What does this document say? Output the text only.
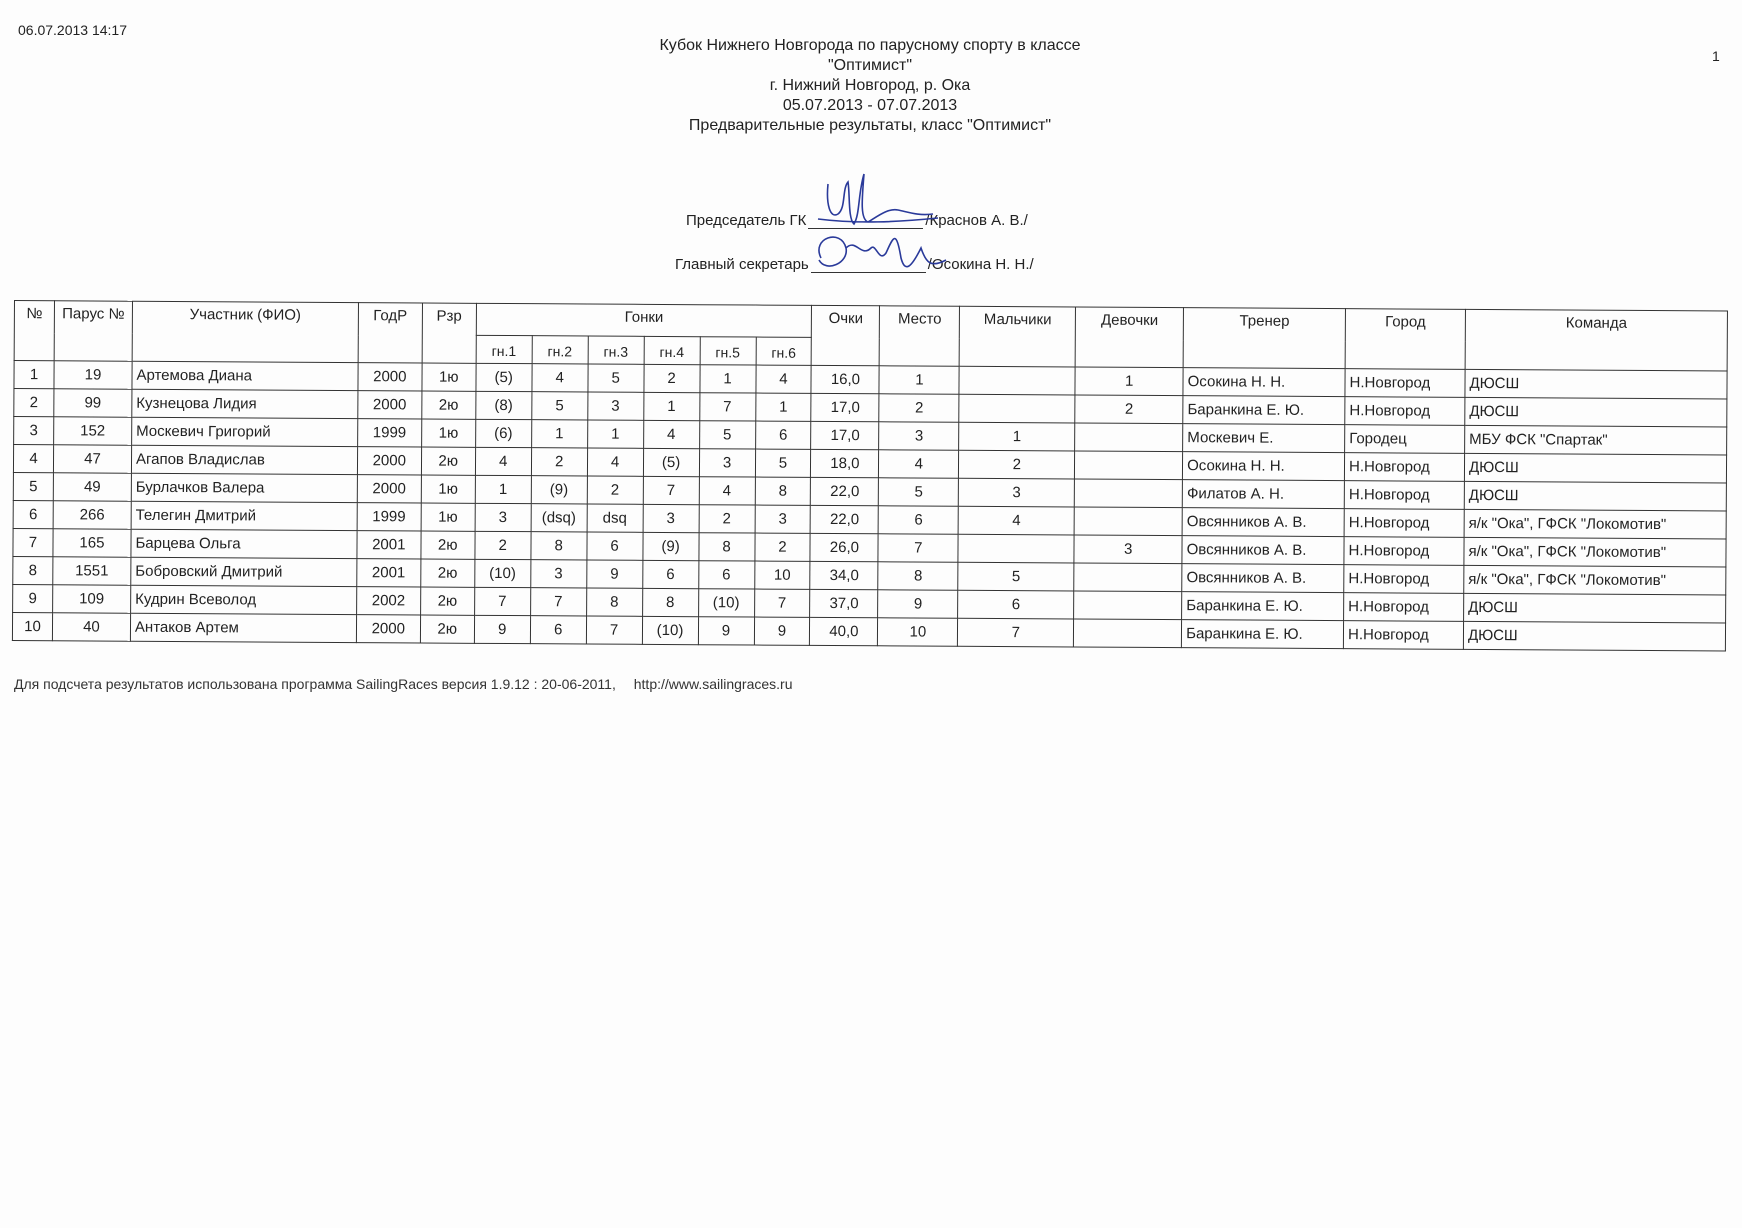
06.07.2013 14:17
1
Кубок Нижнего Новгорода по парусному спорту в классе
"Оптимист"
г. Нижний Новгород, р. Ока
05.07.2013 - 07.07.2013
Предварительные результаты, класс "Оптимист"
Председатель ГК	/Краснов А. В./
Главный секретарь	/Осокина Н. Н./
№	Парус №	Участник (ФИО)	ГодР	Рзр	Гонки						Очки	Место	Мальчики	Девочки	Тренер	Город	Команда
					гн.1	гн.2	гн.3	гн.4	гн.5	гн.6							
1	19	Артемова Диана	2000	1ю	(5)	4	5	2	1	4	16,0	1		1	Осокина Н. Н.	Н.Новгород	ДЮСШ
2	99	Кузнецова Лидия	2000	2ю	(8)	5	3	1	7	1	17,0	2		2	Баранкина Е. Ю.	Н.Новгород	ДЮСШ
3	152	Москевич Григорий	1999	1ю	(6)	1	1	4	5	6	17,0	3	1		Москевич Е.	Городец	МБУ ФСК "Спартак"
4	47	Агапов Владислав	2000	2ю	4	2	4	(5)	3	5	18,0	4	2		Осокина Н. Н.	Н.Новгород	ДЮСШ
5	49	Бурлачков Валера	2000	1ю	1	(9)	2	7	4	8	22,0	5	3		Филатов А. Н.	Н.Новгород	ДЮСШ
6	266	Телегин Дмитрий	1999	1ю	3	(dsq)	dsq	3	2	3	22,0	6	4		Овсянников А. В.	Н.Новгород	я/к "Ока", ГФСК "Локомотив"
7	165	Барцева Ольга	2001	2ю	2	8	6	(9)	8	2	26,0	7		3	Овсянников А. В.	Н.Новгород	я/к "Ока", ГФСК "Локомотив"
8	1551	Бобровский Дмитрий	2001	2ю	(10)	3	9	6	6	10	34,0	8	5		Овсянников А. В.	Н.Новгород	я/к "Ока", ГФСК "Локомотив"
9	109	Кудрин Всеволод	2002	2ю	7	7	8	8	(10)	7	37,0	9	6		Баранкина Е. Ю.	Н.Новгород	ДЮСШ
10	40	Антаков Артем	2000	2ю	9	6	7	(10)	9	9	40,0	10	7		Баранкина Е. Ю.	Н.Новгород	ДЮСШ
Для подсчета результатов использована программа SailingRaces версия 1.9.12 : 20-06-2011, http://www.sailingraces.ru
